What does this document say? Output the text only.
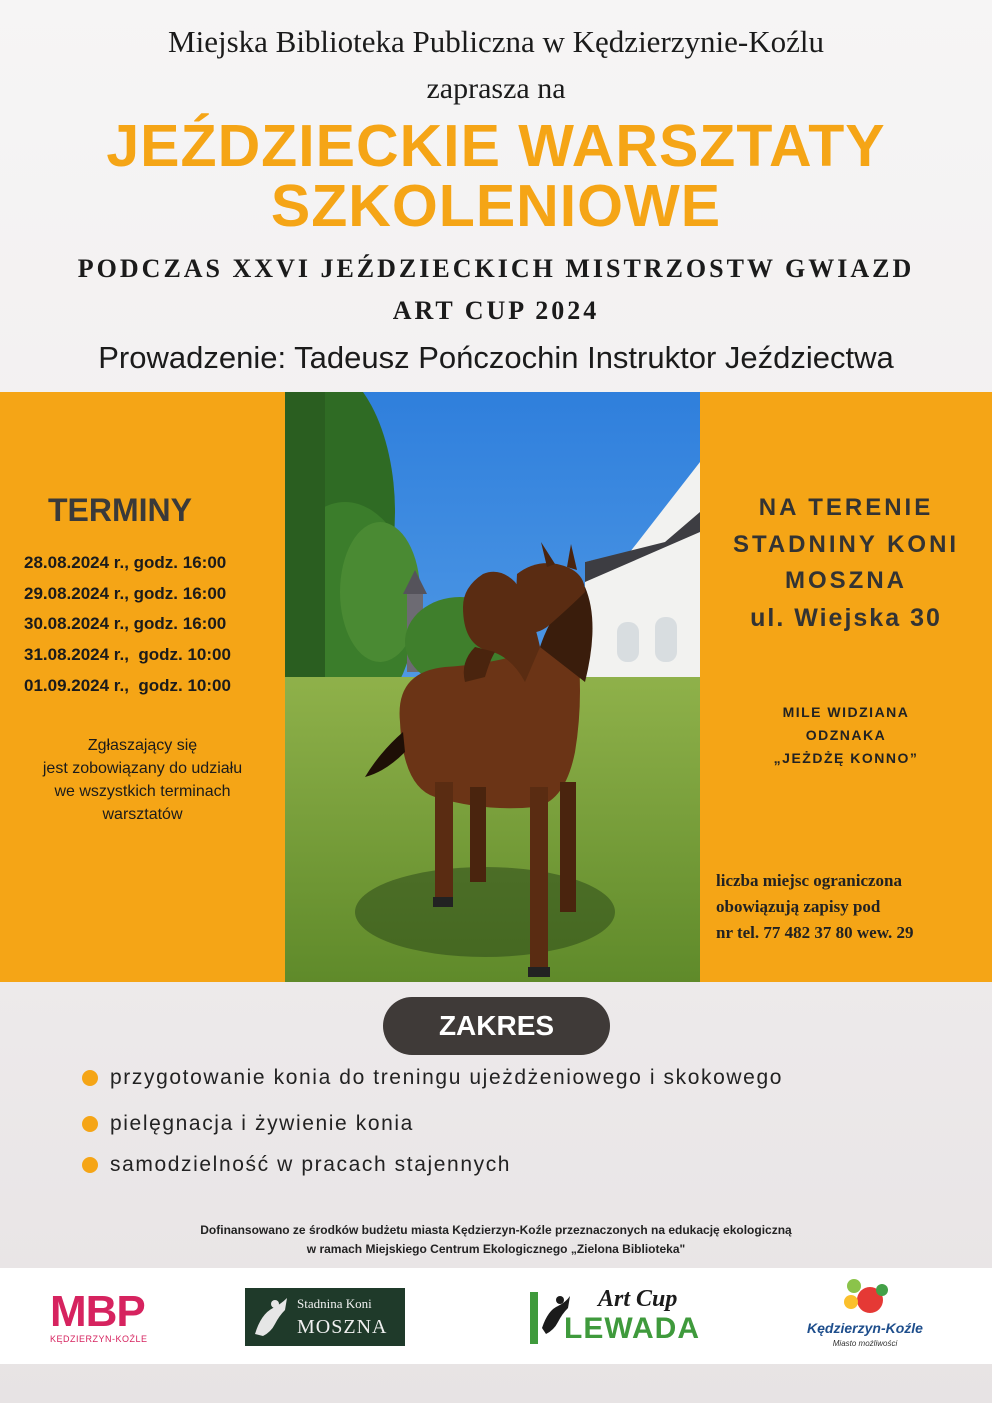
Miejska Biblioteka Publiczna w Kędzierzynie-Koźlu
zaprasza na
JEŹDZIECKIE WARSZTATY
SZKOLENIOWE
PODCZAS XXVI JEŹDZIECKICH MISTRZOSTW GWIAZD
ART CUP 2024
Prowadzenie: Tadeusz Pończochin Instruktor Jeździectwa
TERMINY
28.08.2024 r., godz. 16:00
29.08.2024 r., godz. 16:00
30.08.2024 r., godz. 16:00
31.08.2024 r.,  godz. 10:00
01.09.2024 r.,  godz. 10:00
Zgłaszający się
jest zobowiązany do udziału
we wszystkich terminach
warsztatów
NA TERENIE
STADNINY KONI
MOSZNA
ul. Wiejska 30
MILE WIDZIANA
ODZNAKA
„JEŻDŻĘ KONNO”
liczba miejsc ograniczona
obowiązują zapisy pod
nr tel. 77 482 37 80 wew. 29
ZAKRES
przygotowanie konia do treningu ujeżdżeniowego i skokowego
pielęgnacja i żywienie konia
samodzielność w pracach stajennych
Dofinansowano ze środków budżetu miasta Kędzierzyn-Koźle przeznaczonych na edukację ekologiczną
w ramach Miejskiego Centrum Ekologicznego „Zielona Biblioteka"
MBP
KĘDZIERZYN-KOŹLE
Stadnina Koni
MOSZNA
Art Cup
LEWADA	Kędzierzyn-Koźle
Miasto możliwości
